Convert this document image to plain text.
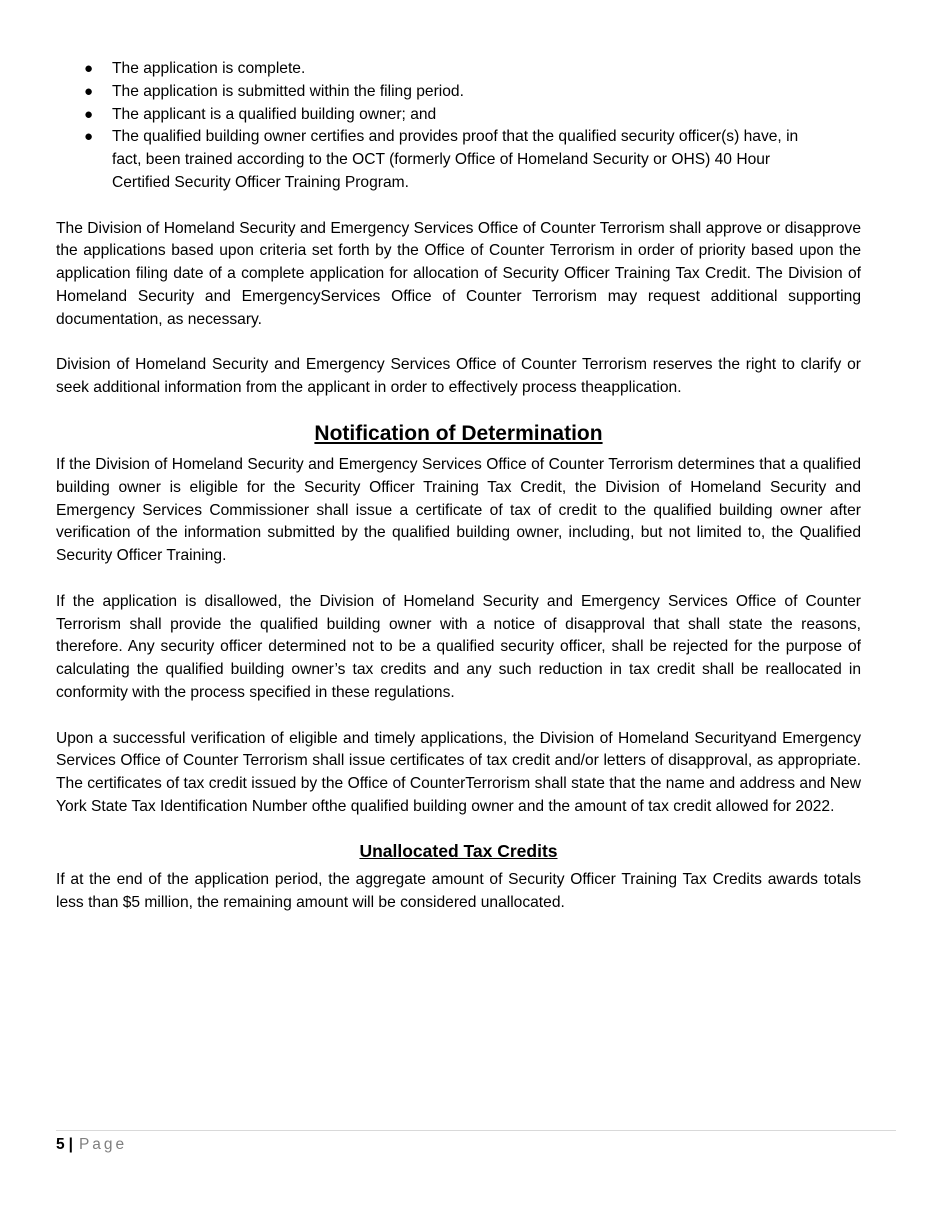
● The application is complete.
● The application is submitted within the filing period.
● The applicant is a qualified building owner; and
● The qualified building owner certifies and provides proof that the qualified security officer(s) have, in fact, been trained according to the OCT (formerly Office of Homeland Security or OHS) 40 Hour Certified Security Officer Training Program.

The Division of Homeland Security and Emergency Services Office of Counter Terrorism shall approve or disapprove the applications based upon criteria set forth by the Office of Counter Terrorism in order of priority based upon the application filing date of a complete application for allocation of Security Officer Training Tax Credit. The Division of Homeland Security and EmergencyServices Office of Counter Terrorism may request additional supporting documentation, as necessary.

Division of Homeland Security and Emergency Services Office of Counter Terrorism reserves the right to clarify or seek additional information from the applicant in order to effectively process theapplication.

Notification of Determination

If the Division of Homeland Security and Emergency Services Office of Counter Terrorism determines that a qualified building owner is eligible for the Security Officer Training Tax Credit, the Division of Homeland Security and Emergency Services Commissioner shall issue a certificate of tax of credit to the qualified building owner after verification of the information submitted by the qualified building owner, including, but not limited to, the Qualified Security Officer Training.

If the application is disallowed, the Division of Homeland Security and Emergency Services Office of Counter Terrorism shall provide the qualified building owner with a notice of disapproval that shall state the reasons, therefore. Any security officer determined not to be a qualified security officer, shall be rejected for the purpose of calculating the qualified building owner’s tax credits and any such reduction in tax credit shall be reallocated in conformity with the process specified in these regulations.

Upon a successful verification of eligible and timely applications, the Division of Homeland Securityand Emergency Services Office of Counter Terrorism shall issue certificates of tax credit and/or letters of disapproval, as appropriate. The certificates of tax credit issued by the Office of CounterTerrorism shall state that the name and address and New York State Tax Identification Number ofthe qualified building owner and the amount of tax credit allowed for 2022.

Unallocated Tax Credits

If at the end of the application period, the aggregate amount of Security Officer Training Tax Credits awards totals less than $5 million, the remaining amount will be considered unallocated.

5 | Page
